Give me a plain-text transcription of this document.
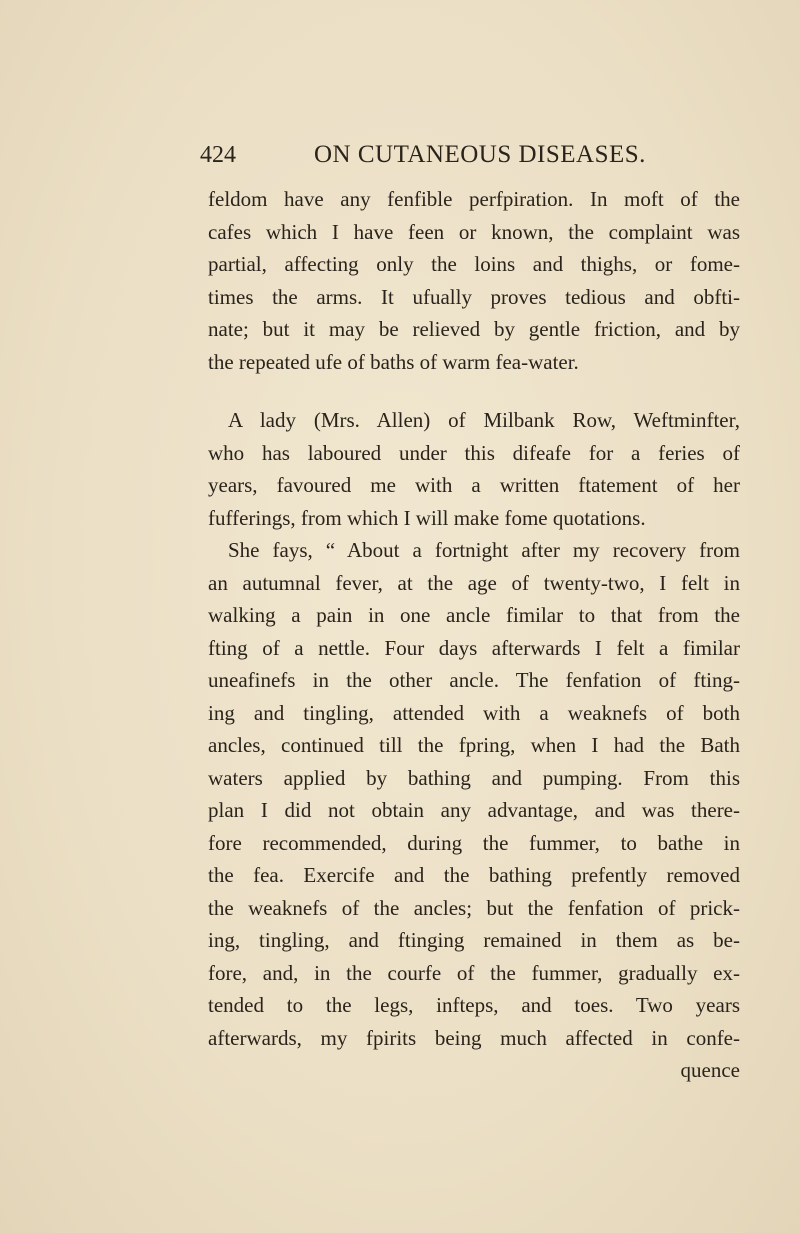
424	ON CUTANEOUS DISEASES.
feldom have any fenfible perfpiration. In moft of the
cafes which I have feen or known, the complaint was
partial, affecting only the loins and thighs, or fome-
times the arms. It ufually proves tedious and obfti-
nate; but it may be relieved by gentle friction, and by
the repeated ufe of baths of warm fea-water.
A lady (Mrs. Allen) of Milbank Row, Weftminfter,
who has laboured under this difeafe for a feries of
years, favoured me with a written ftatement of her
fufferings, from which I will make fome quotations.
She fays, “ About a fortnight after my recovery from
an autumnal fever, at the age of twenty-two, I felt in
walking a pain in one ancle fimilar to that from the
fting of a nettle. Four days afterwards I felt a fimilar
uneafinefs in the other ancle. The fenfation of fting-
ing and tingling, attended with a weaknefs of both
ancles, continued till the fpring, when I had the Bath
waters applied by bathing and pumping. From this
plan I did not obtain any advantage, and was there-
fore recommended, during the fummer, to bathe in
the fea. Exercife and the bathing prefently removed
the weaknefs of the ancles; but the fenfation of prick-
ing, tingling, and ftinging remained in them as be-
fore, and, in the courfe of the fummer, gradually ex-
tended to the legs, infteps, and toes. Two years
afterwards, my fpirits being much affected in confe-
quence
